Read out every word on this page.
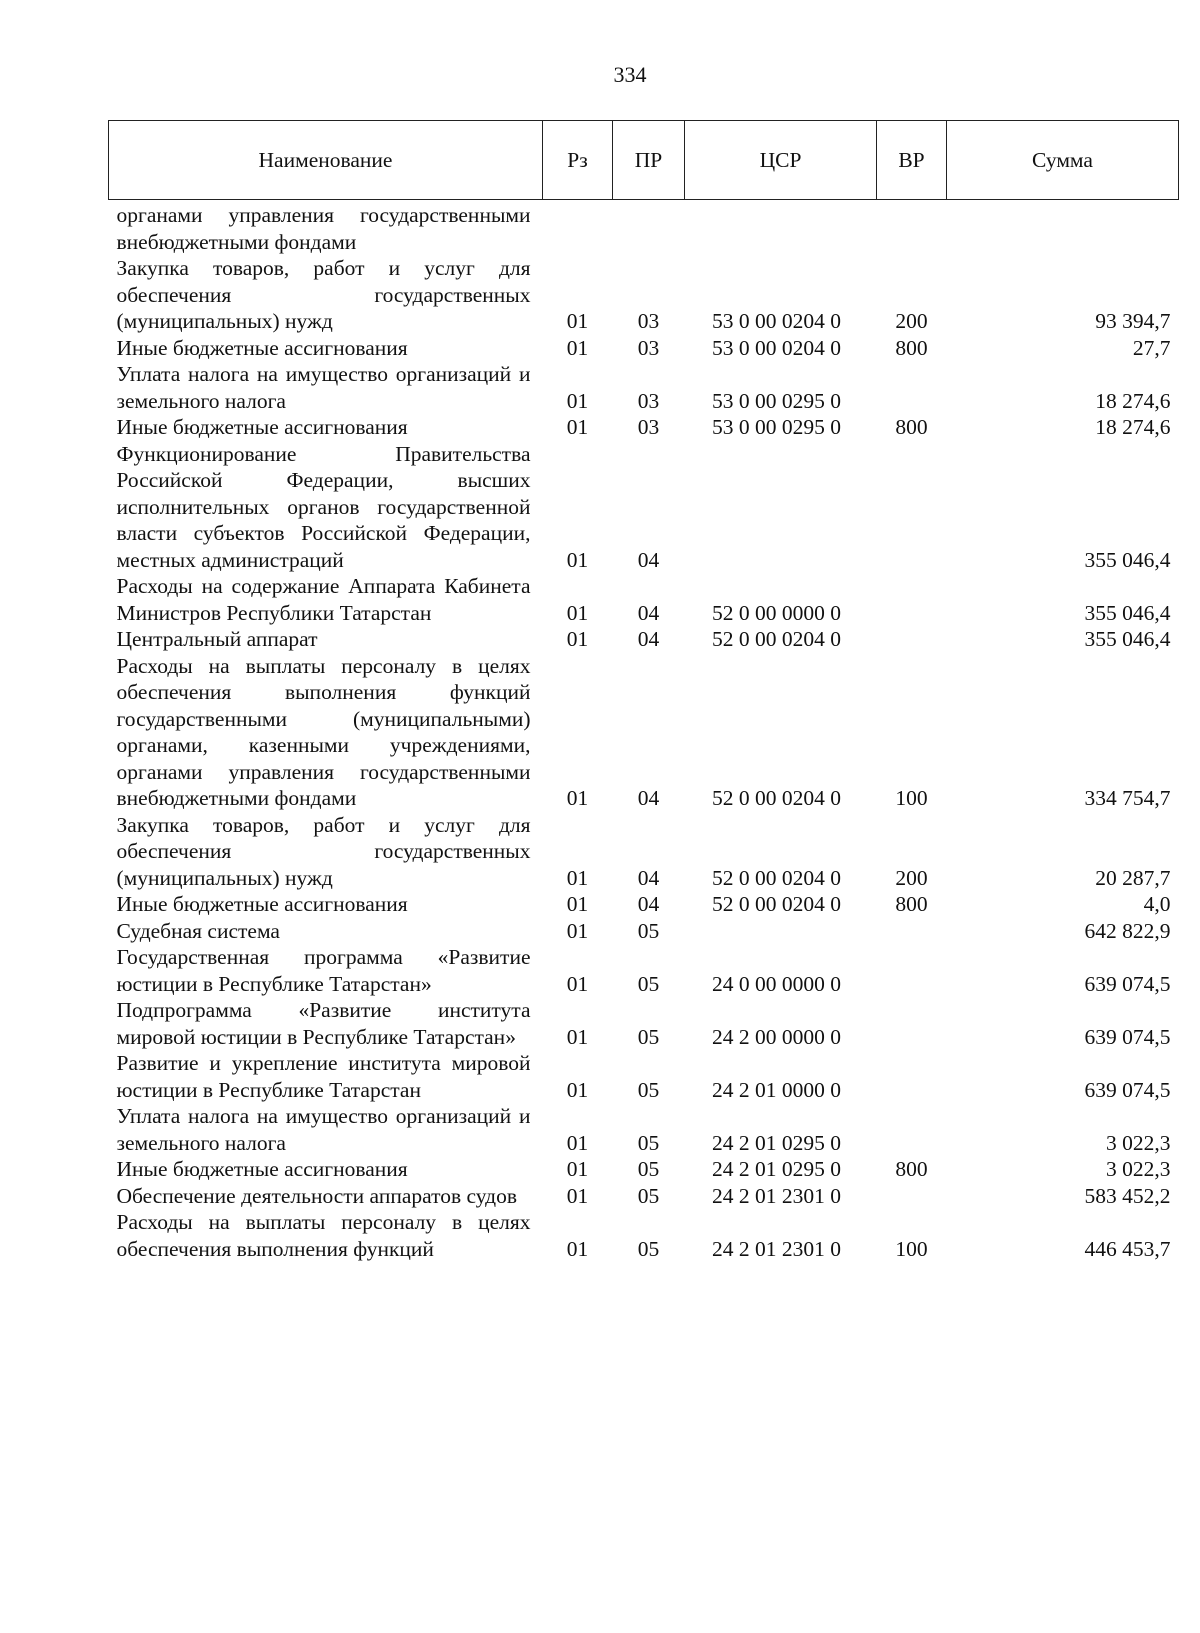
334
Наименование	Рз	ПР	ЦСР	ВР	Сумма
органами управления государственными внебюджетными фондами					
Закупка товаров, работ и услуг для обеспечения государственных (муниципальных) нужд	01	03	53 0 00 0204 0	200	93 394,7
Иные бюджетные ассигнования	01	03	53 0 00 0204 0	800	27,7
Уплата налога на имущество организаций и земельного налога	01	03	53 0 00 0295 0		18 274,6
Иные бюджетные ассигнования	01	03	53 0 00 0295 0	800	18 274,6
Функционирование Правительства Российской Федерации, высших исполнительных органов государственной власти субъектов Российской Федерации, местных администраций	01	04			355 046,4
Расходы на содержание Аппарата Кабинета Министров Республики Татарстан	01	04	52 0 00 0000 0		355 046,4
Центральный аппарат	01	04	52 0 00 0204 0		355 046,4
Расходы на выплаты персоналу в целях обеспечения выполнения функций государственными (муниципальными) органами, казенными учреждениями, органами управления государственными внебюджетными фондами	01	04	52 0 00 0204 0	100	334 754,7
Закупка товаров, работ и услуг для обеспечения государственных (муниципальных) нужд	01	04	52 0 00 0204 0	200	20 287,7
Иные бюджетные ассигнования	01	04	52 0 00 0204 0	800	4,0
Судебная система	01	05			642 822,9
Государственная программа «Развитие юстиции в Республике Татарстан»	01	05	24 0 00 0000 0		639 074,5
Подпрограмма «Развитие института мировой юстиции в Республике Татарстан»	01	05	24 2 00 0000 0		639 074,5
Развитие и укрепление института мировой юстиции в Республике Татарстан	01	05	24 2 01 0000 0		639 074,5
Уплата налога на имущество организаций и земельного налога	01	05	24 2 01 0295 0		3 022,3
Иные бюджетные ассигнования	01	05	24 2 01 0295 0	800	3 022,3
Обеспечение деятельности аппаратов судов	01	05	24 2 01 2301 0		583 452,2
Расходы на выплаты персоналу в целях обеспечения выполнения функций	01	05	24 2 01 2301 0	100	446 453,7
